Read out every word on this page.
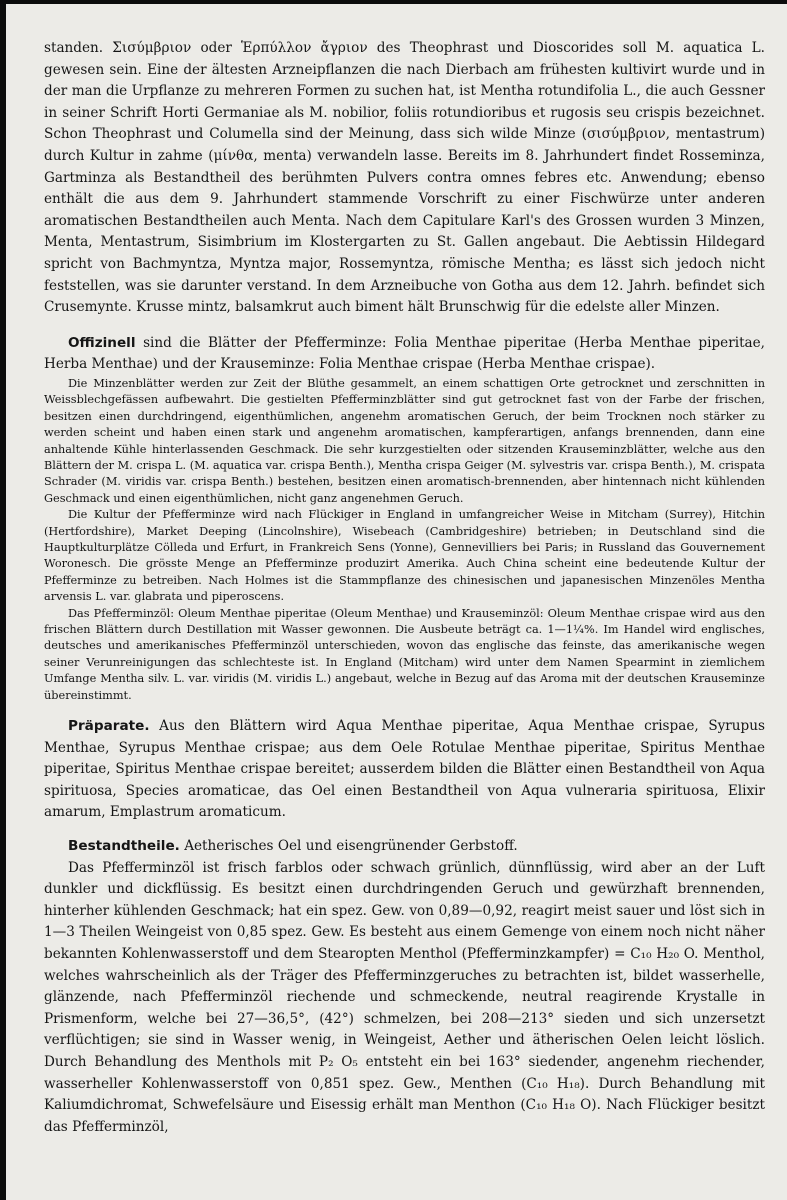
standen. Σισύμβριον oder Ἑρπύλλον ἄγριον des Theophrast und Dioscorides soll M. aquatica L. gewesen sein. Eine der ältesten Arzneipflanzen die nach Dierbach am frühesten kultivirt wurde und in der man die Urpflanze zu mehreren Formen zu suchen hat, ist Mentha rotundifolia L., die auch Gessner in seiner Schrift Horti Germaniae als M. nobilior, foliis rotundioribus et rugosis seu crispis bezeichnet. Schon Theophrast und Columella sind der Meinung, dass sich wilde Minze (σισύμβριον, mentastrum) durch Kultur in zahme (μίνθα, menta) verwandeln lasse. Bereits im 8. Jahrhundert findet Rosseminza, Gartminza als Bestandtheil des berühmten Pulvers contra omnes febres etc. Anwendung; ebenso enthält die aus dem 9. Jahrhundert stammende Vorschrift zu einer Fischwürze unter anderen aromatischen Bestandtheilen auch Menta. Nach dem Capitulare Karl's des Grossen wurden 3 Minzen, Menta, Mentastrum, Sisimbrium im Klostergarten zu St. Gallen angebaut. Die Aebtissin Hildegard spricht von Bachmyntza, Myntza major, Rossemyntza, römische Mentha; es lässt sich jedoch nicht feststellen, was sie darunter verstand. In dem Arzneibuche von Gotha aus dem 12. Jahrh. befindet sich Crusemynte. Krusse mintz, balsamkrut auch biment hält Brunschwig für die edelste aller Minzen.

Offizinell sind die Blätter der Pfefferminze: Folia Menthae piperitae (Herba Menthae piperitae, Herba Menthae) und der Krauseminze: Folia Menthae crispae (Herba Menthae crispae).

Die Minzenblätter werden zur Zeit der Blüthe gesammelt, an einem schattigen Orte getrocknet und zerschnitten in Weissblechgefässen aufbewahrt. Die gestielten Pfefferminzblätter sind gut getrocknet fast von der Farbe der frischen, besitzen einen durchdringend, eigenthümlichen, angenehm aromatischen Geruch, der beim Trocknen noch stärker zu werden scheint und haben einen stark und angenehm aromatischen, kampferartigen, anfangs brennenden, dann eine anhaltende Kühle hinterlassenden Geschmack. Die sehr kurzgestielten oder sitzenden Krauseminzblätter, welche aus den Blättern der M. crispa L. (M. aquatica var. crispa Benth.), Mentha crispa Geiger (M. sylvestris var. crispa Benth.), M. crispata Schrader (M. viridis var. crispa Benth.) bestehen, besitzen einen aromatisch-brennenden, aber hintennach nicht kühlenden Geschmack und einen eigenthümlichen, nicht ganz angenehmen Geruch.

Die Kultur der Pfefferminze wird nach Flückiger in England in umfangreicher Weise in Mitcham (Surrey), Hitchin (Hertfordshire), Market Deeping (Lincolnshire), Wisebeach (Cambridgeshire) betrieben; in Deutschland sind die Hauptkulturplätze Cölleda und Erfurt, in Frankreich Sens (Yonne), Gennevilliers bei Paris; in Russland das Gouvernement Woronesch. Die grösste Menge an Pfefferminze produzirt Amerika. Auch China scheint eine bedeutende Kultur der Pfefferminze zu betreiben. Nach Holmes ist die Stammpflanze des chinesischen und japanesischen Minzenöles Mentha arvensis L. var. glabrata und piperoscens.

Das Pfefferminzöl: Oleum Menthae piperitae (Oleum Menthae) und Krauseminzöl: Oleum Menthae crispae wird aus den frischen Blättern durch Destillation mit Wasser gewonnen. Die Ausbeute beträgt ca. 1—1¼%. Im Handel wird englisches, deutsches und amerikanisches Pfefferminzöl unterschieden, wovon das englische das feinste, das amerikanische wegen seiner Verunreinigungen das schlechteste ist. In England (Mitcham) wird unter dem Namen Spearmint in ziemlichem Umfange Mentha silv. L. var. viridis (M. viridis L.) angebaut, welche in Bezug auf das Aroma mit der deutschen Krauseminze übereinstimmt.

Präparate. Aus den Blättern wird Aqua Menthae piperitae, Aqua Menthae crispae, Syrupus Menthae, Syrupus Menthae crispae; aus dem Oele Rotulae Menthae piperitae, Spiritus Menthae piperitae, Spiritus Menthae crispae bereitet; ausserdem bilden die Blätter einen Bestandtheil von Aqua spirituosa, Species aromaticae, das Oel einen Bestandtheil von Aqua vulneraria spirituosa, Elixir amarum, Emplastrum aromaticum.

Bestandtheile. Aetherisches Oel und eisengrünender Gerbstoff.

Das Pfefferminzöl ist frisch farblos oder schwach grünlich, dünnflüssig, wird aber an der Luft dunkler und dickflüssig. Es besitzt einen durchdringenden Geruch und gewürzhaft brennenden, hinterher kühlenden Geschmack; hat ein spez. Gew. von 0,89—0,92, reagirt meist sauer und löst sich in 1—3 Theilen Weingeist von 0,85 spez. Gew. Es besteht aus einem Gemenge von einem noch nicht näher bekannten Kohlenwasserstoff und dem Stearopten Menthol (Pfefferminzkampfer) = C₁₀ H₂₀ O. Menthol, welches wahrscheinlich als der Träger des Pfefferminzgeruches zu betrachten ist, bildet wasserhelle, glänzende, nach Pfefferminzöl riechende und schmeckende, neutral reagirende Krystalle in Prismenform, welche bei 27—36,5°, (42°) schmelzen, bei 208—213° sieden und sich unzersetzt verflüchtigen; sie sind in Wasser wenig, in Weingeist, Aether und ätherischen Oelen leicht löslich. Durch Behandlung des Menthols mit P₂ O₅ entsteht ein bei 163° siedender, angenehm riechender, wasserheller Kohlenwasserstoff von 0,851 spez. Gew., Menthen (C₁₀ H₁₈). Durch Behandlung mit Kaliumdichromat, Schwefelsäure und Eisessig erhält man Menthon (C₁₀ H₁₈ O). Nach Flückiger besitzt das Pfefferminzöl,
